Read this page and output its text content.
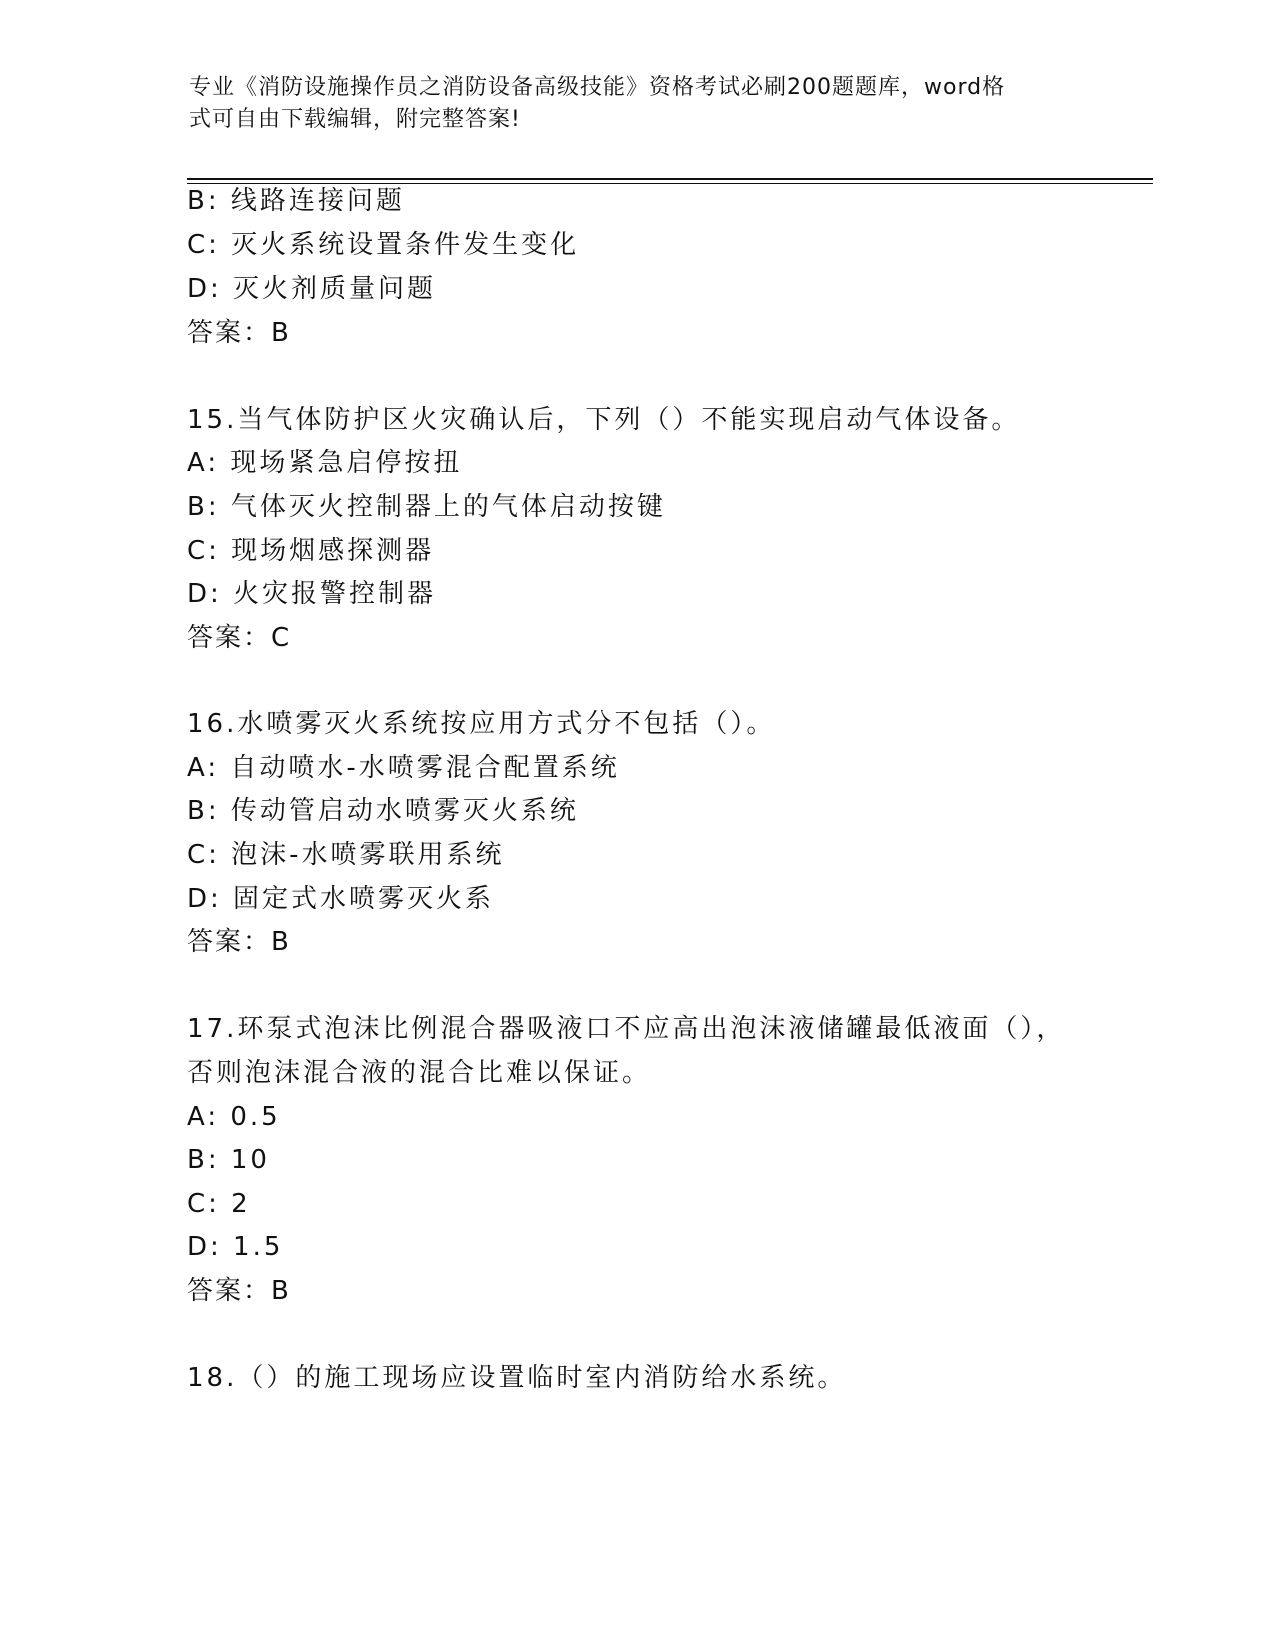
专业《消防设施操作员之消防设备高级技能》资格考试必刷200题题库，word格
式可自由下载编辑，附完整答案!
B: 线路连接问题
C: 灭火系统设置条件发生变化
D: 灭火剂质量问题
答案：B
15.当气体防护区火灾确认后，下列（）不能实现启动气体设备。
A: 现场紧急启停按扭
B: 气体灭火控制器上的气体启动按键
C: 现场烟感探测器
D: 火灾报警控制器
答案：C
16.水喷雾灭火系统按应用方式分不包括（）。
A: 自动喷水-水喷雾混合配置系统
B: 传动管启动水喷雾灭火系统
C: 泡沫-水喷雾联用系统
D: 固定式水喷雾灭火系
答案：B
17.环泵式泡沫比例混合器吸液口不应高出泡沫液储罐最低液面（），
否则泡沫混合液的混合比难以保证。
A: 0.5
B: 10
C: 2
D: 1.5
答案：B
18.（）的施工现场应设置临时室内消防给水系统。
